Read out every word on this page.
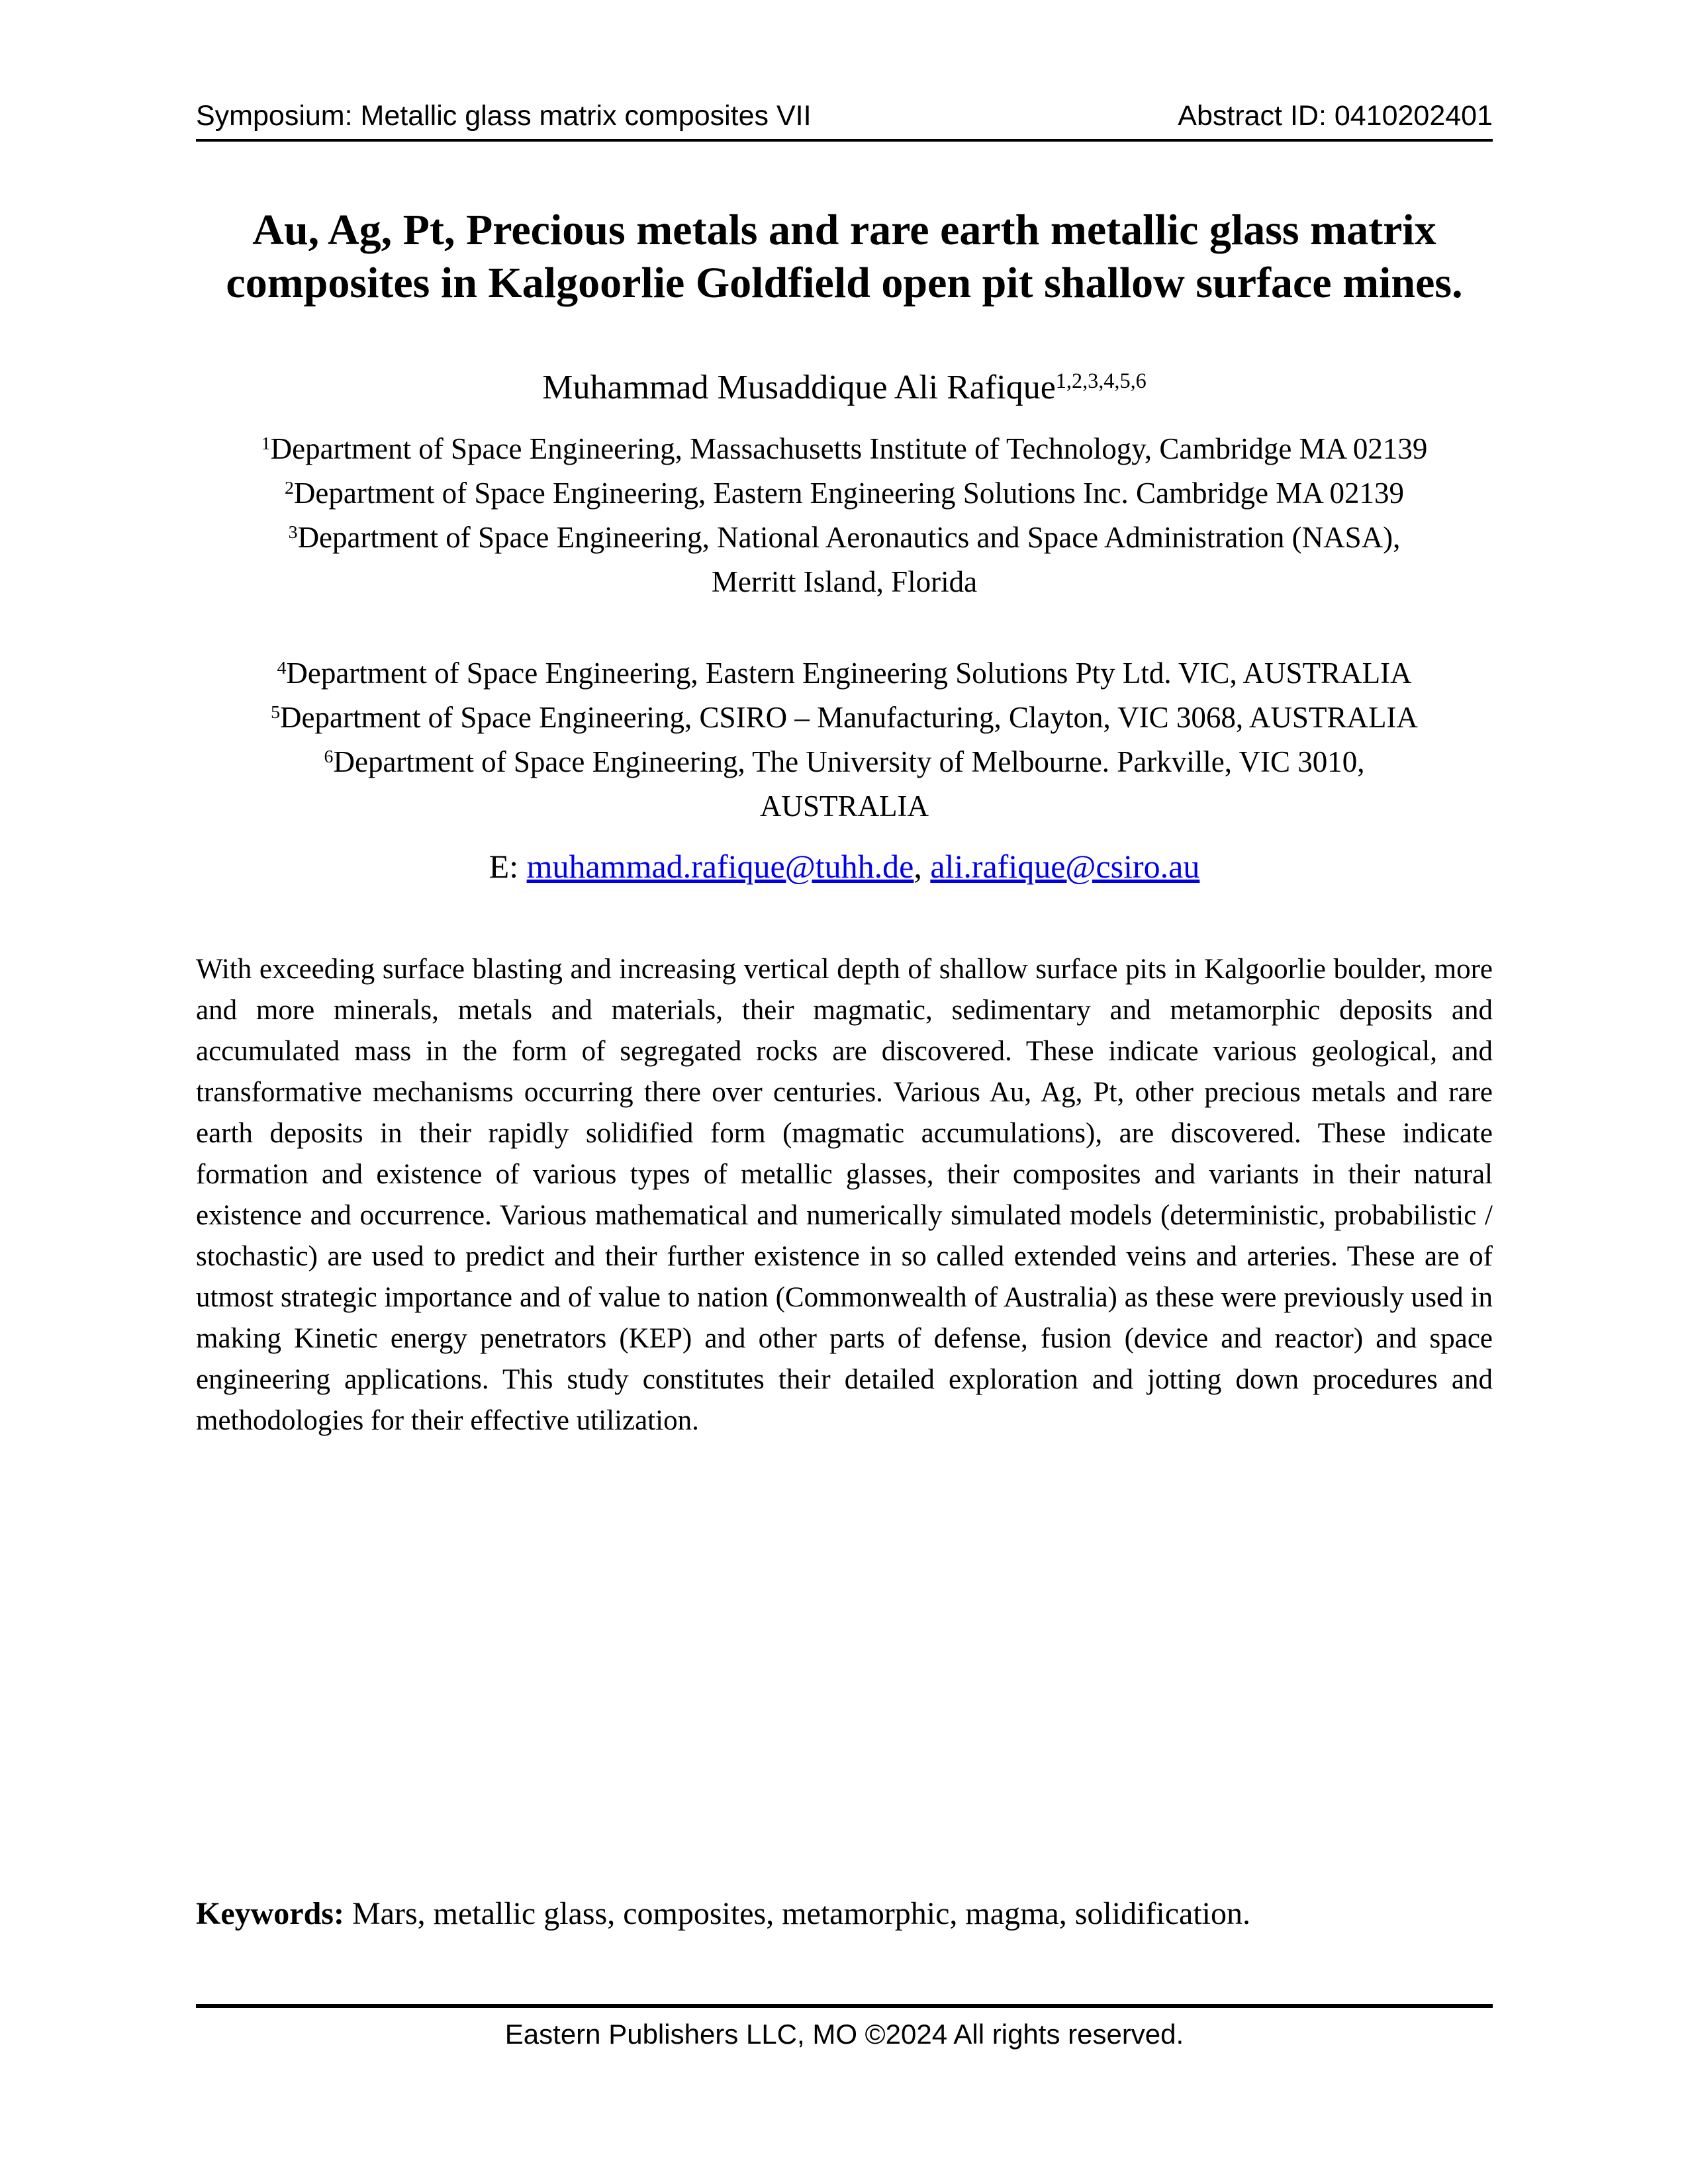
Symposium: Metallic glass matrix composites VII	Abstract ID: 0410202401
Au, Ag, Pt, Precious metals and rare earth metallic glass matrix
composites in Kalgoorlie Goldfield open pit shallow surface mines.
Muhammad Musaddique Ali Rafique$^{1,2,3,4,5,6}$
$^1$Department of Space Engineering, Massachusetts Institute of Technology, Cambridge MA 02139
$^2$Department of Space Engineering, Eastern Engineering Solutions Inc. Cambridge MA 02139
$^3$Department of Space Engineering, National Aeronautics and Space Administration (NASA),
Merritt Island, Florida
$^4$Department of Space Engineering, Eastern Engineering Solutions Pty Ltd. VIC, AUSTRALIA
$^5$Department of Space Engineering, CSIRO – Manufacturing, Clayton, VIC 3068, AUSTRALIA
$^6$Department of Space Engineering, The University of Melbourne. Parkville, VIC 3010,
AUSTRALIA
E: muhammad.rafique@tuhh.de, ali.rafique@csiro.au
With exceeding surface blasting and increasing vertical depth of shallow surface pits in Kalgoorlie boulder, more and more minerals, metals and materials, their magmatic, sedimentary and metamorphic deposits and accumulated mass in the form of segregated rocks are discovered. These indicate various geological, and transformative mechanisms occurring there over centuries. Various Au, Ag, Pt, other precious metals and rare earth deposits in their rapidly solidified form (magmatic accumulations), are discovered. These indicate formation and existence of various types of metallic glasses, their composites and variants in their natural existence and occurrence. Various mathematical and numerically simulated models (deterministic, probabilistic / stochastic) are used to predict and their further existence in so called extended veins and arteries. These are of utmost strategic importance and of value to nation (Commonwealth of Australia) as these were previously used in making Kinetic energy penetrators (KEP) and other parts of defense, fusion (device and reactor) and space engineering applications. This study constitutes their detailed exploration and jotting down procedures and methodologies for their effective utilization.
Keywords: Mars, metallic glass, composites, metamorphic, magma, solidification.
Eastern Publishers LLC, MO ©2024 All rights reserved.
